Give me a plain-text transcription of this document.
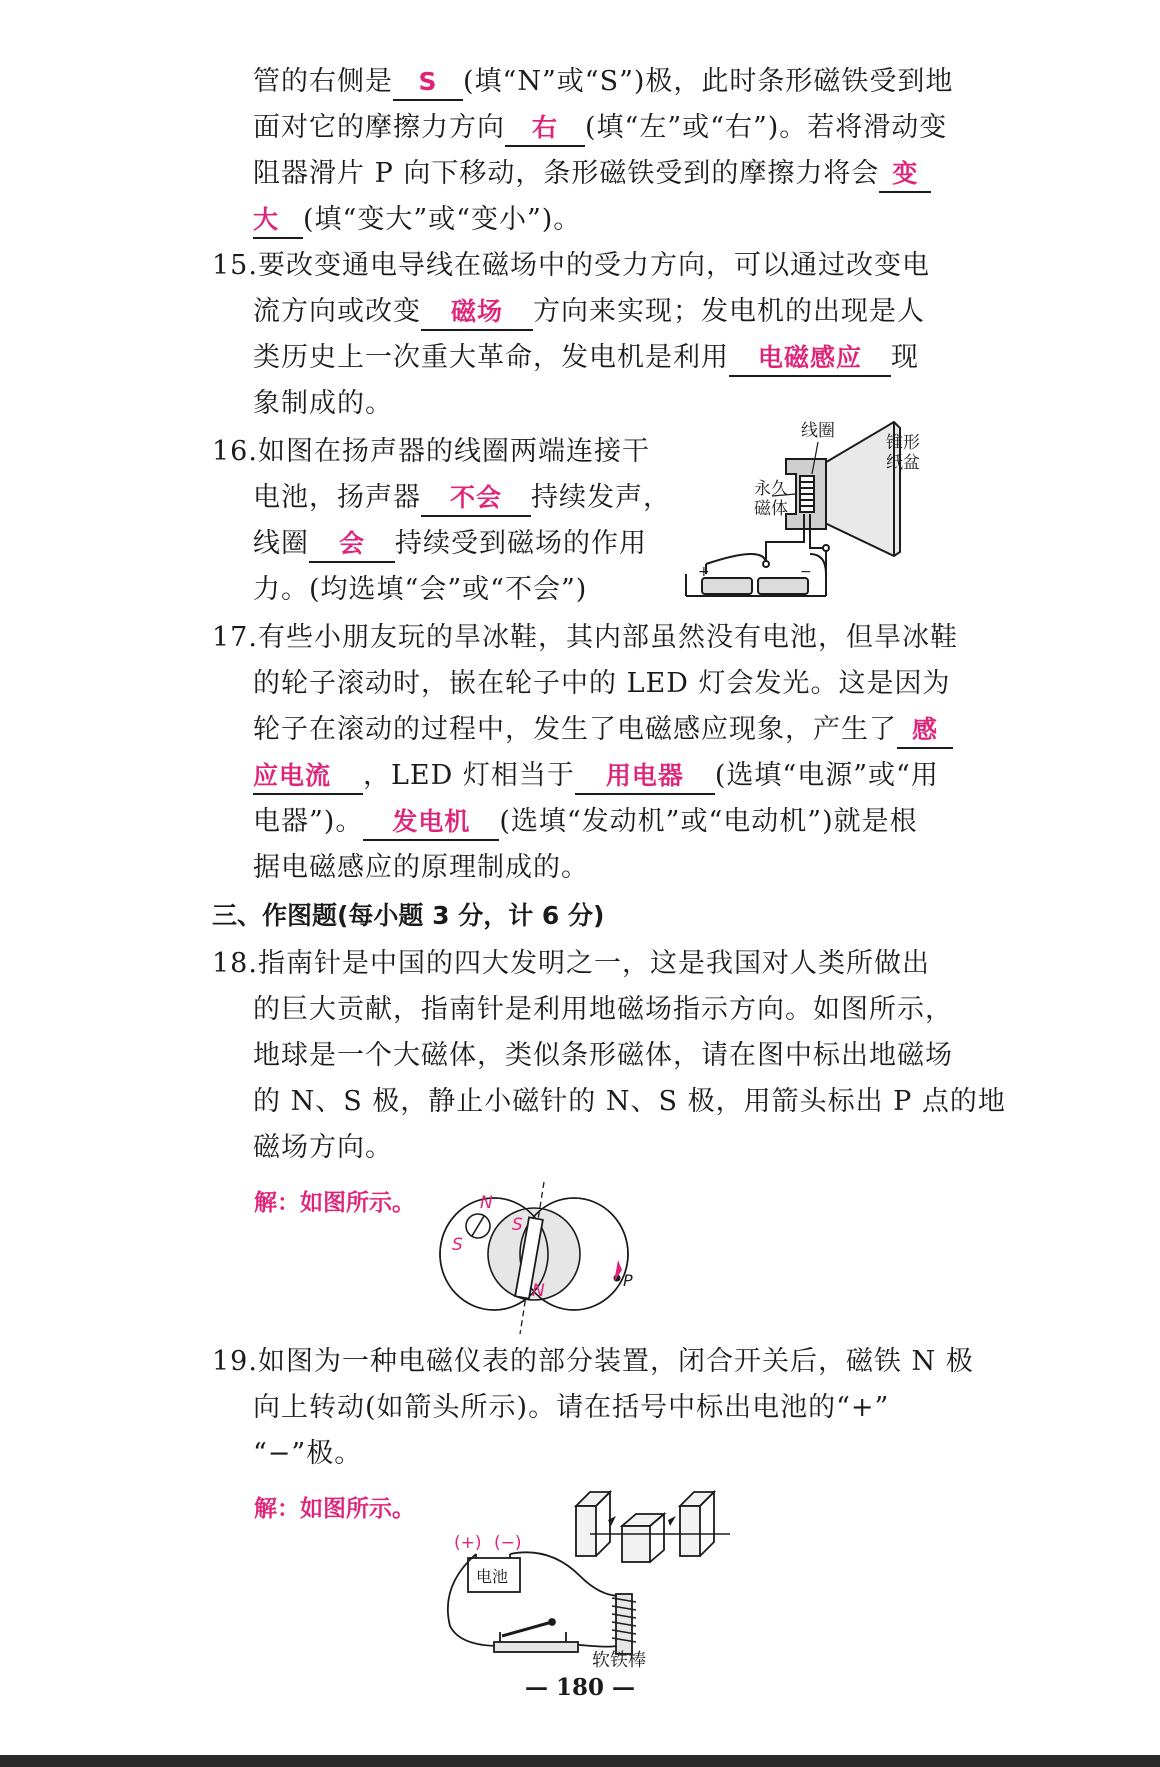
管的右侧是 S (填“N”或“S”)极，此时条形磁铁受到地
面对它的摩擦力方向 右 (填“左”或“右”)。若将滑动变
阻器滑片 P 向下移动，条形磁铁受到的摩擦力将会 变
大 (填“变大”或“变小”)。
15.要改变通电导线在磁场中的受力方向，可以通过改变电
流方向或改变 磁场 方向来实现；发电机的出现是人
类历史上一次重大革命，发电机是利用 电磁感应 现
象制成的。
16.如图在扬声器的线圈两端连接干
电池，扬声器 不会 持续发声，
线圈 会 持续受到磁场的作用
力。(均选填“会”或“不会”)
线圈
锥形
纸盆
永久
磁体
+	−
17.有些小朋友玩的旱冰鞋，其内部虽然没有电池，但旱冰鞋
的轮子滚动时，嵌在轮子中的 LED 灯会发光。这是因为
轮子在滚动的过程中，发生了电磁感应现象，产生了 感
应电流 ，LED 灯相当于 用电器 (选填“电源”或“用
电器”)。 发电机 (选填“发动机”或“电动机”)就是根
据电磁感应的原理制成的。
三、作图题(每小题 3 分，计 6 分)
18.指南针是中国的四大发明之一，这是我国对人类所做出
的巨大贡献，指南针是利用地磁场指示方向。如图所示，
地球是一个大磁体，类似条形磁体，请在图中标出地磁场
的 N、S 极，静止小磁针的 N、S 极，用箭头标出 P 点的地
磁场方向。
解：如图所示。	N
S
S
N
P
19.如图为一种电磁仪表的部分装置，闭合开关后，磁铁 N 极
向上转动(如箭头所示)。请在括号中标出电池的“+”
“−”极。
解：如图所示。
(+) (−)
电池
软铁棒
— 180 —
